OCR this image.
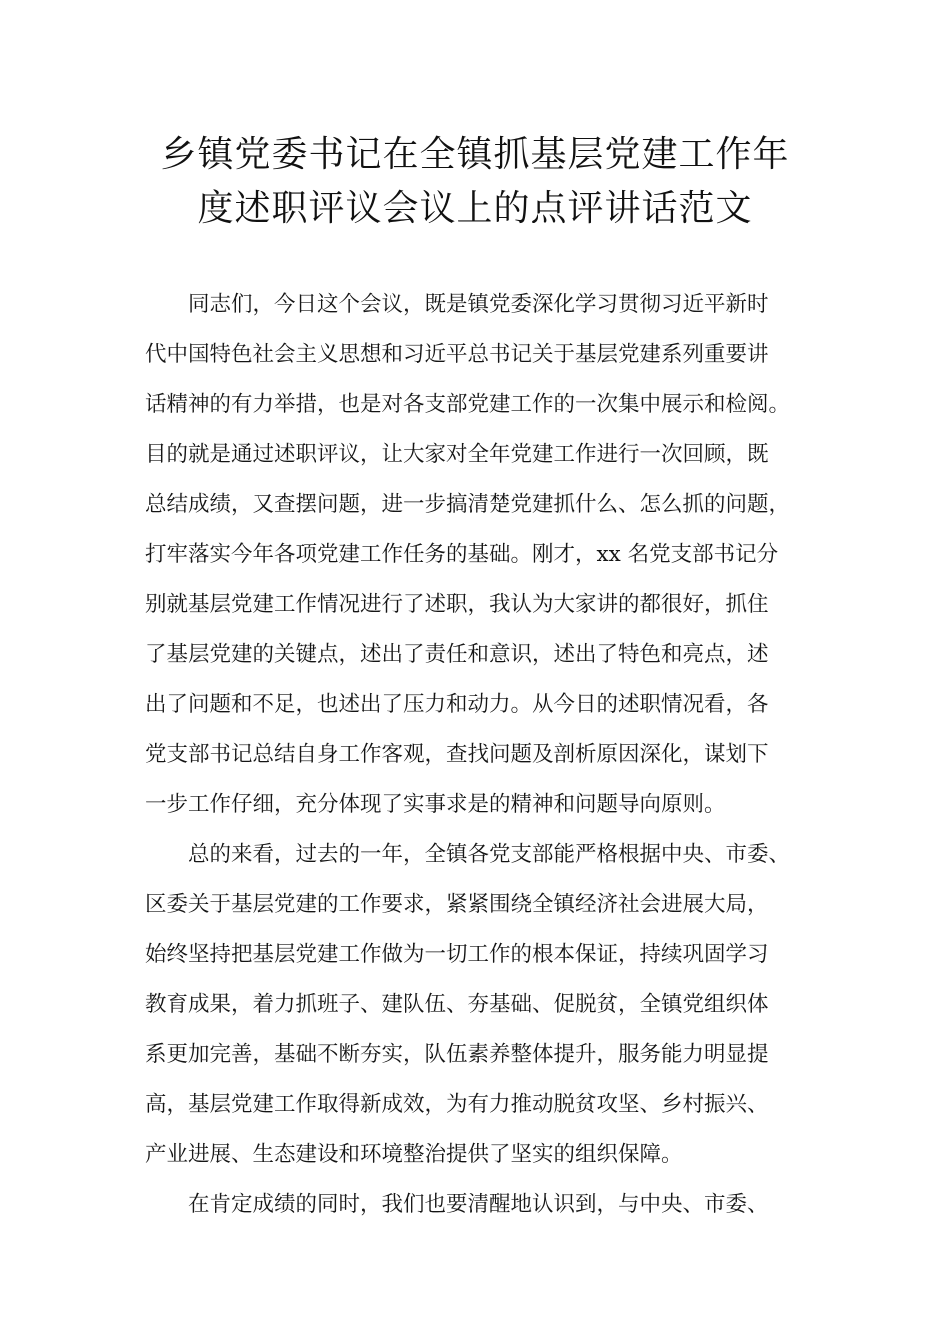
乡镇党委书记在全镇抓基层党建工作年
度述职评议会议上的点评讲话范文

同志们，今日这个会议，既是镇党委深化学习贯彻习近平新时
代中国特色社会主义思想和习近平总书记关于基层党建系列重要讲
话精神的有力举措，也是对各支部党建工作的一次集中展示和检阅。
目的就是通过述职评议，让大家对全年党建工作进行一次回顾，既
总结成绩，又查摆问题，进一步搞清楚党建抓什么、怎么抓的问题，
打牢落实今年各项党建工作任务的基础。刚才，xx 名党支部书记分
别就基层党建工作情况进行了述职，我认为大家讲的都很好，抓住
了基层党建的关键点，述出了责任和意识，述出了特色和亮点，述
出了问题和不足，也述出了压力和动力。从今日的述职情况看，各
党支部书记总结自身工作客观，查找问题及剖析原因深化，谋划下
一步工作仔细，充分体现了实事求是的精神和问题导向原则。

总的来看，过去的一年，全镇各党支部能严格根据中央、市委、
区委关于基层党建的工作要求，紧紧围绕全镇经济社会进展大局，
始终坚持把基层党建工作做为一切工作的根本保证，持续巩固学习
教育成果，着力抓班子、建队伍、夯基础、促脱贫，全镇党组织体
系更加完善，基础不断夯实，队伍素养整体提升，服务能力明显提
高，基层党建工作取得新成效，为有力推动脱贫攻坚、乡村振兴、
产业进展、生态建设和环境整治提供了坚实的组织保障。

在肯定成绩的同时，我们也要清醒地认识到，与中央、市委、
